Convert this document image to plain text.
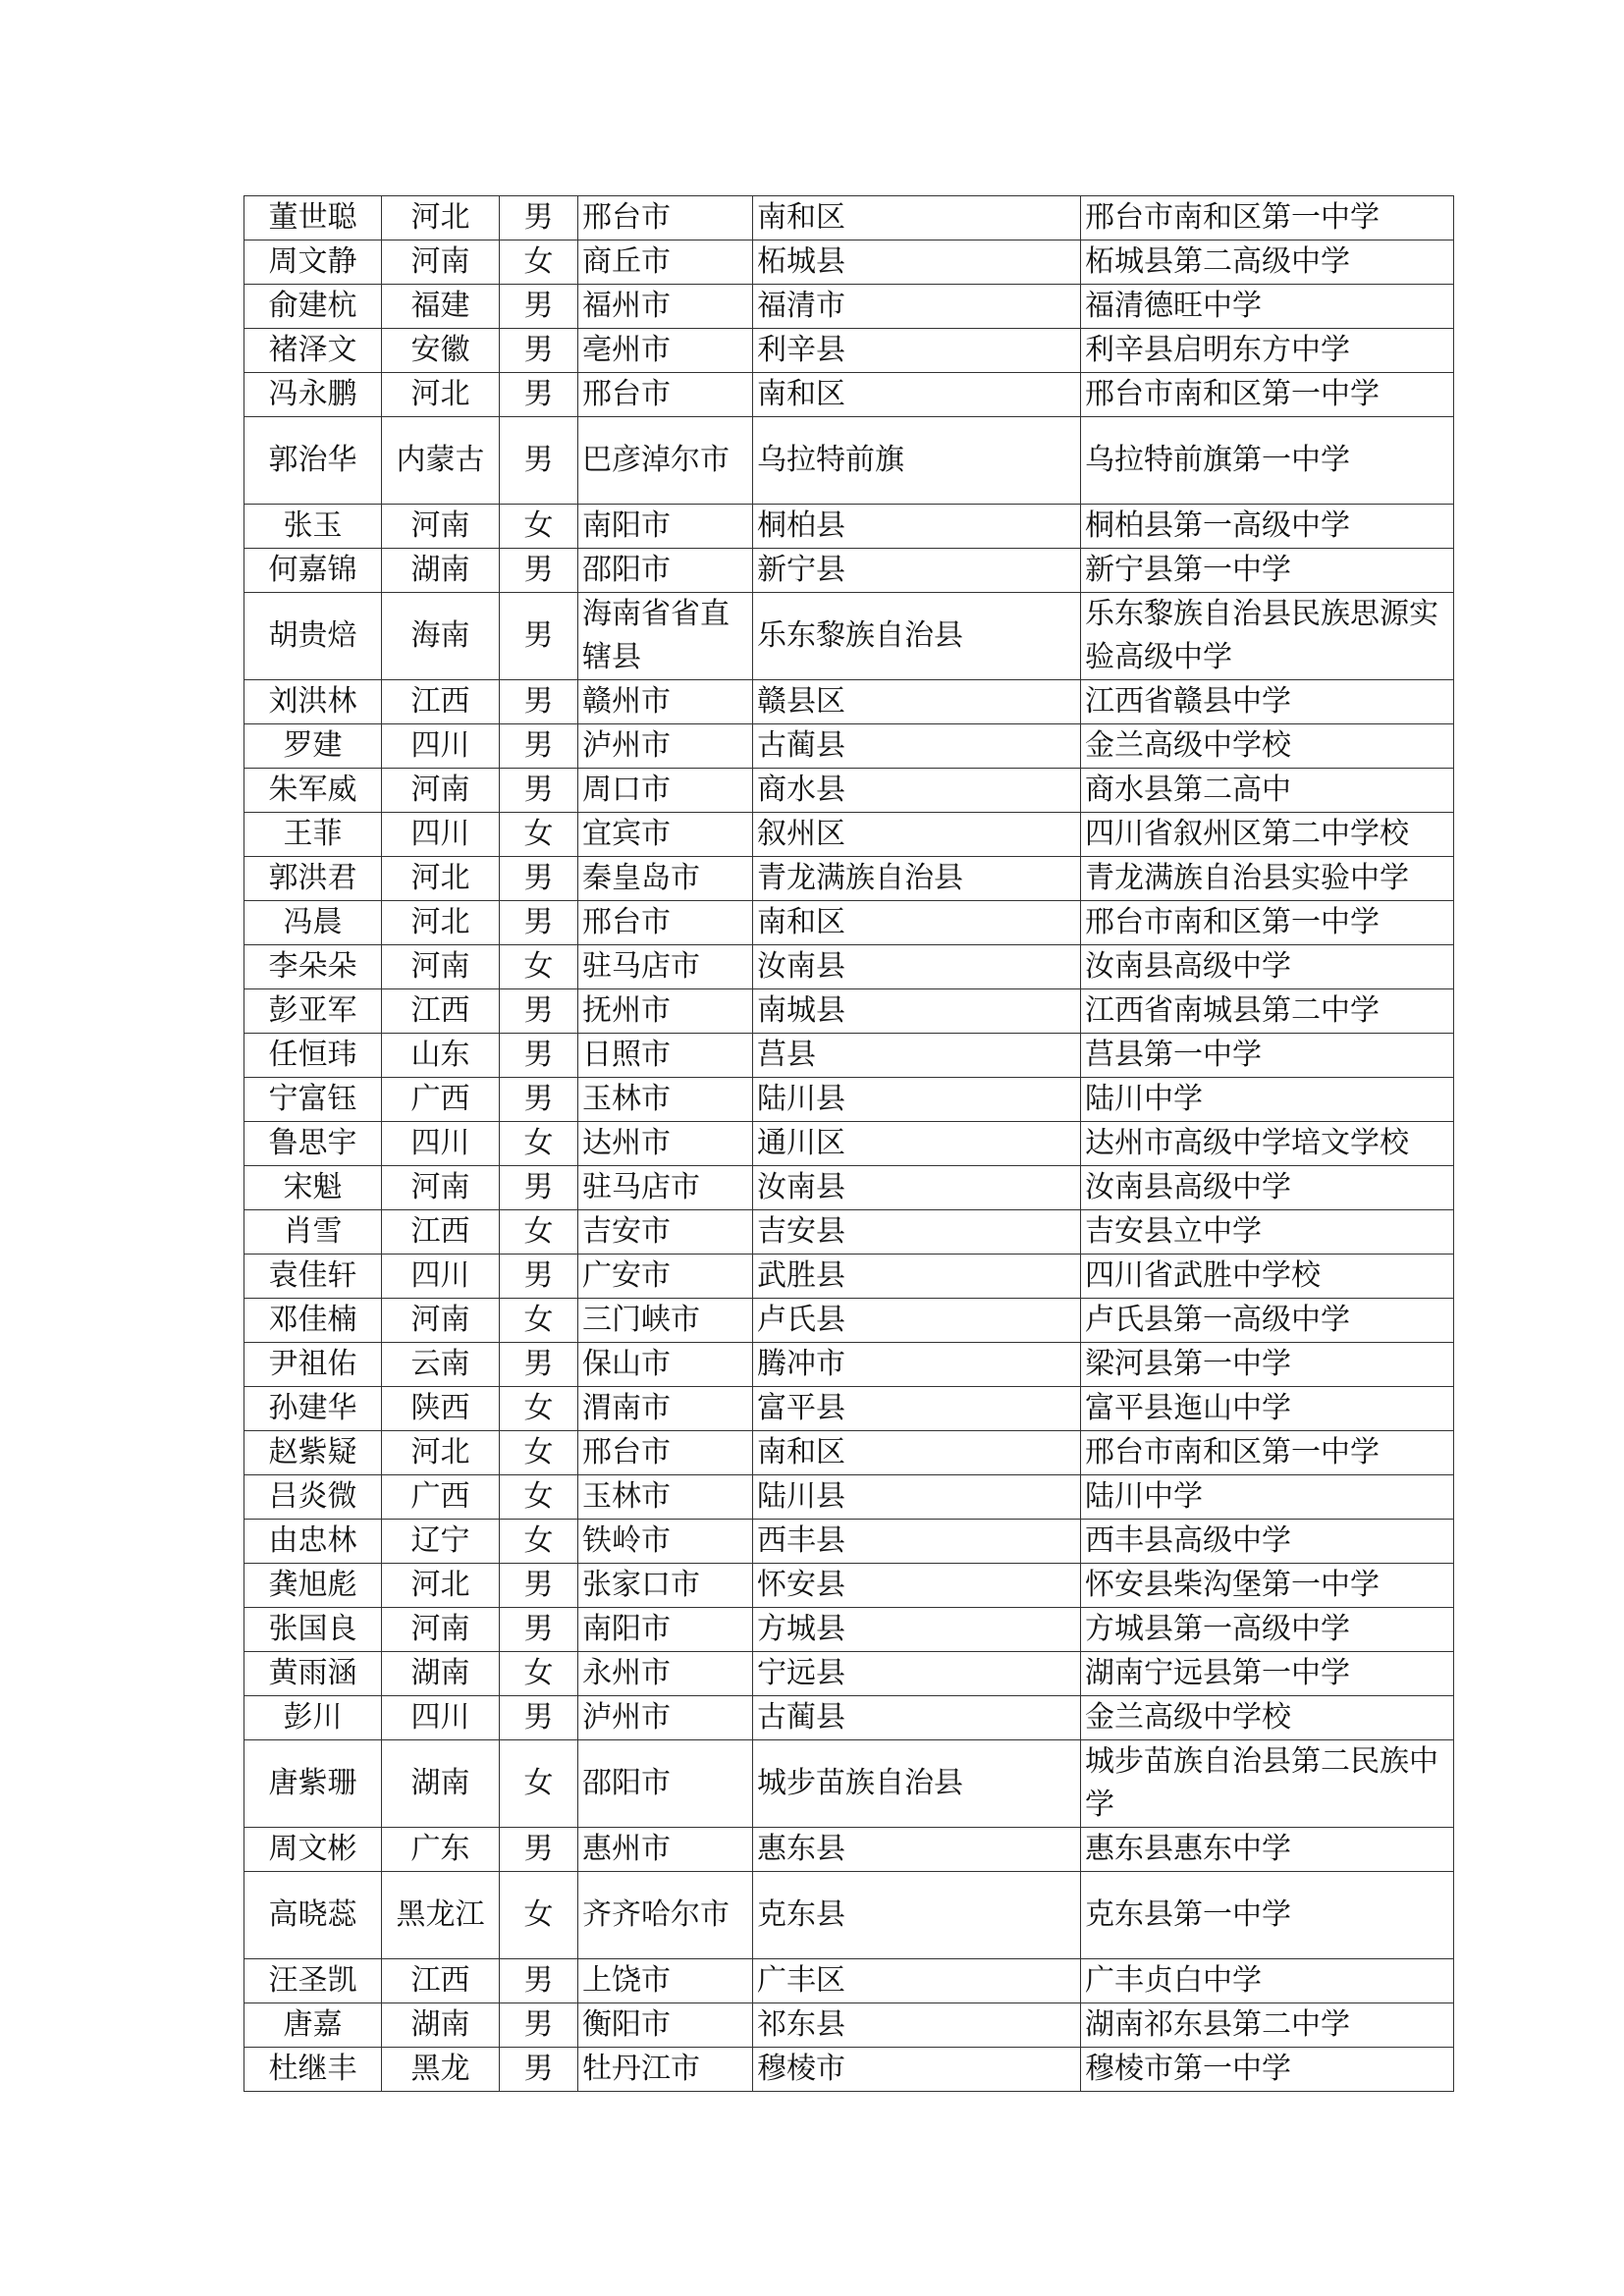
董世聪	河北	男	邢台市	南和区	邢台市南和区第一中学
周文静	河南	女	商丘市	柘城县	柘城县第二高级中学
俞建杭	福建	男	福州市	福清市	福清德旺中学
褚泽文	安徽	男	亳州市	利辛县	利辛县启明东方中学
冯永鹏	河北	男	邢台市	南和区	邢台市南和区第一中学
郭治华	内蒙古	男	巴彦淖尔市	乌拉特前旗	乌拉特前旗第一中学
张玉	河南	女	南阳市	桐柏县	桐柏县第一高级中学
何嘉锦	湖南	男	邵阳市	新宁县	新宁县第一中学
胡贵焙	海南	男	海南省省直辖县	乐东黎族自治县	乐东黎族自治县民族思源实验高级中学
刘洪林	江西	男	赣州市	赣县区	江西省赣县中学
罗建	四川	男	泸州市	古蔺县	金兰高级中学校
朱军威	河南	男	周口市	商水县	商水县第二高中
王菲	四川	女	宜宾市	叙州区	四川省叙州区第二中学校
郭洪君	河北	男	秦皇岛市	青龙满族自治县	青龙满族自治县实验中学
冯晨	河北	男	邢台市	南和区	邢台市南和区第一中学
李朵朵	河南	女	驻马店市	汝南县	汝南县高级中学
彭亚军	江西	男	抚州市	南城县	江西省南城县第二中学
任恒玮	山东	男	日照市	莒县	莒县第一中学
宁富钰	广西	男	玉林市	陆川县	陆川中学
鲁思宇	四川	女	达州市	通川区	达州市高级中学培文学校
宋魁	河南	男	驻马店市	汝南县	汝南县高级中学
肖雪	江西	女	吉安市	吉安县	吉安县立中学
袁佳轩	四川	男	广安市	武胜县	四川省武胜中学校
邓佳楠	河南	女	三门峡市	卢氏县	卢氏县第一高级中学
尹祖佑	云南	男	保山市	腾冲市	梁河县第一中学
孙建华	陕西	女	渭南市	富平县	富平县迤山中学
赵紫疑	河北	女	邢台市	南和区	邢台市南和区第一中学
吕炎微	广西	女	玉林市	陆川县	陆川中学
由忠林	辽宁	女	铁岭市	西丰县	西丰县高级中学
龚旭彪	河北	男	张家口市	怀安县	怀安县柴沟堡第一中学
张国良	河南	男	南阳市	方城县	方城县第一高级中学
黄雨涵	湖南	女	永州市	宁远县	湖南宁远县第一中学
彭川	四川	男	泸州市	古蔺县	金兰高级中学校
唐紫珊	湖南	女	邵阳市	城步苗族自治县	城步苗族自治县第二民族中学
周文彬	广东	男	惠州市	惠东县	惠东县惠东中学
高晓蕊	黑龙江	女	齐齐哈尔市	克东县	克东县第一中学
汪圣凯	江西	男	上饶市	广丰区	广丰贞白中学
唐嘉	湖南	男	衡阳市	祁东县	湖南祁东县第二中学
杜继丰	黑龙	男	牡丹江市	穆棱市	穆棱市第一中学
